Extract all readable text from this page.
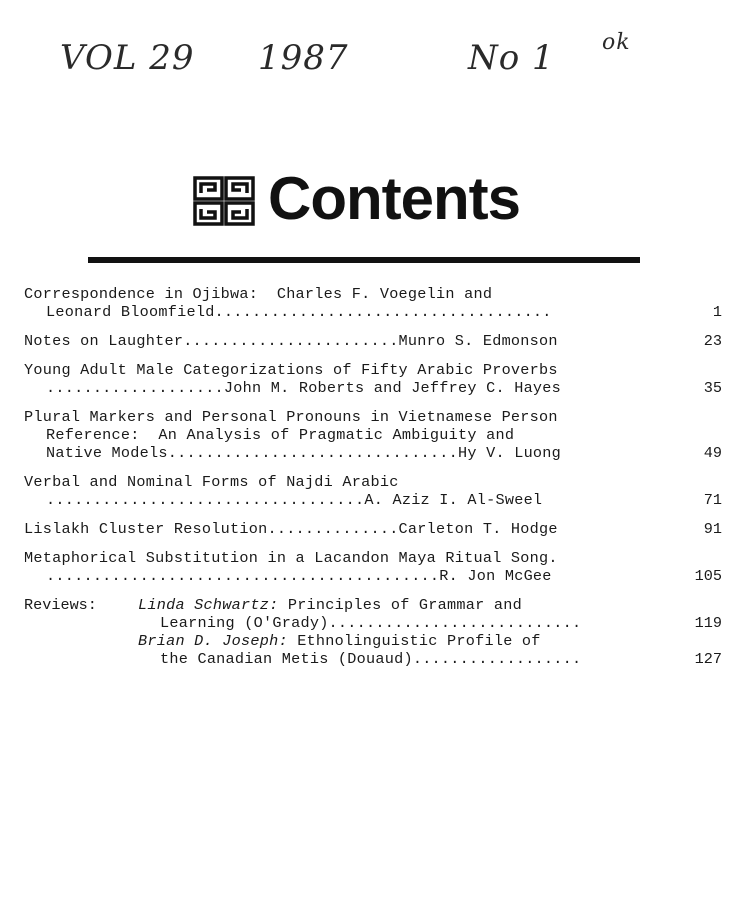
VOL 29 1987	No 1 ok
Contents
Correspondence in Ojibwa:  Charles F. Voegelin and
Leonard Bloomfield....................................	1
Notes on Laughter.......................Munro S. Edmonson	23
Young Adult Male Categorizations of Fifty Arabic Proverbs
...................John M. Roberts and Jeffrey C. Hayes	35
Plural Markers and Personal Pronouns in Vietnamese Person
Reference:  An Analysis of Pragmatic Ambiguity and
Native Models...............................Hy V. Luong	49
Verbal and Nominal Forms of Najdi Arabic
..................................A. Aziz I. Al-Sweel	71
Lislakh Cluster Resolution..............Carleton T. Hodge	91
Metaphorical Substitution in a Lacandon Maya Ritual Song.
..........................................R. Jon McGee	105
Reviews:	Linda Schwartz: Principles of Grammar and
Learning (O'Grady)...........................	119
Brian D. Joseph: Ethnolinguistic Profile of
the Canadian Metis (Douaud)..................	127
